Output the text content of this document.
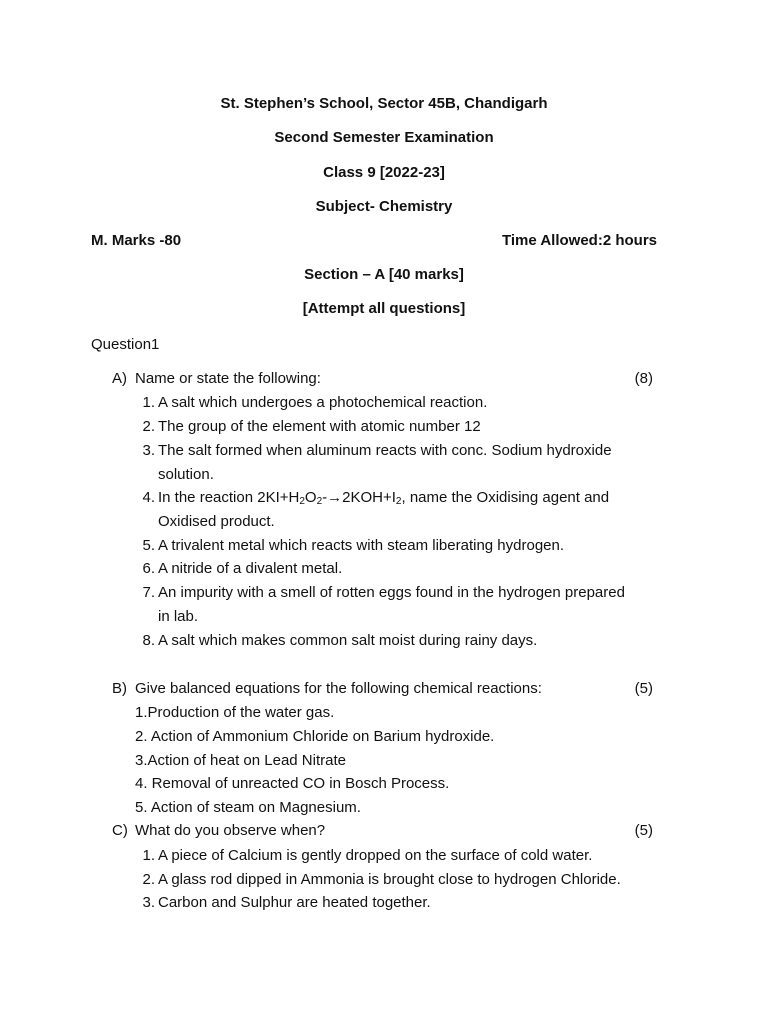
St. Stephen’s School, Sector 45B, Chandigarh
Second Semester Examination
Class 9 [2022-23]
Subject- Chemistry
M. Marks -80	Time Allowed:2 hours
Section – A [40 marks]
[Attempt all questions]
Question1
A) Name or state the following:	(8)
1. A salt which undergoes a photochemical reaction.
2. The group of the element with atomic number 12
3. The salt formed when aluminum reacts with conc. Sodium hydroxide
solution.
4. In the reaction $2KI+H_2O_2-\to 2KOH+I_2$, name the Oxidising agent and
Oxidised product.
5. A trivalent metal which reacts with steam liberating hydrogen.
6. A nitride of a divalent metal.
7. An impurity with a smell of rotten eggs found in the hydrogen prepared
in lab.
8. A salt which makes common salt moist during rainy days.
B) Give balanced equations for the following chemical reactions:	(5)
1.Production of the water gas.
2. Action of Ammonium Chloride on Barium hydroxide.
3.Action of heat on Lead Nitrate
4. Removal of unreacted CO in Bosch Process.
5. Action of steam on Magnesium.
C) What do you observe when?	(5)
1. A piece of Calcium is gently dropped on the surface of cold water.
2. A glass rod dipped in Ammonia is brought close to hydrogen Chloride.
3. Carbon and Sulphur are heated together.
